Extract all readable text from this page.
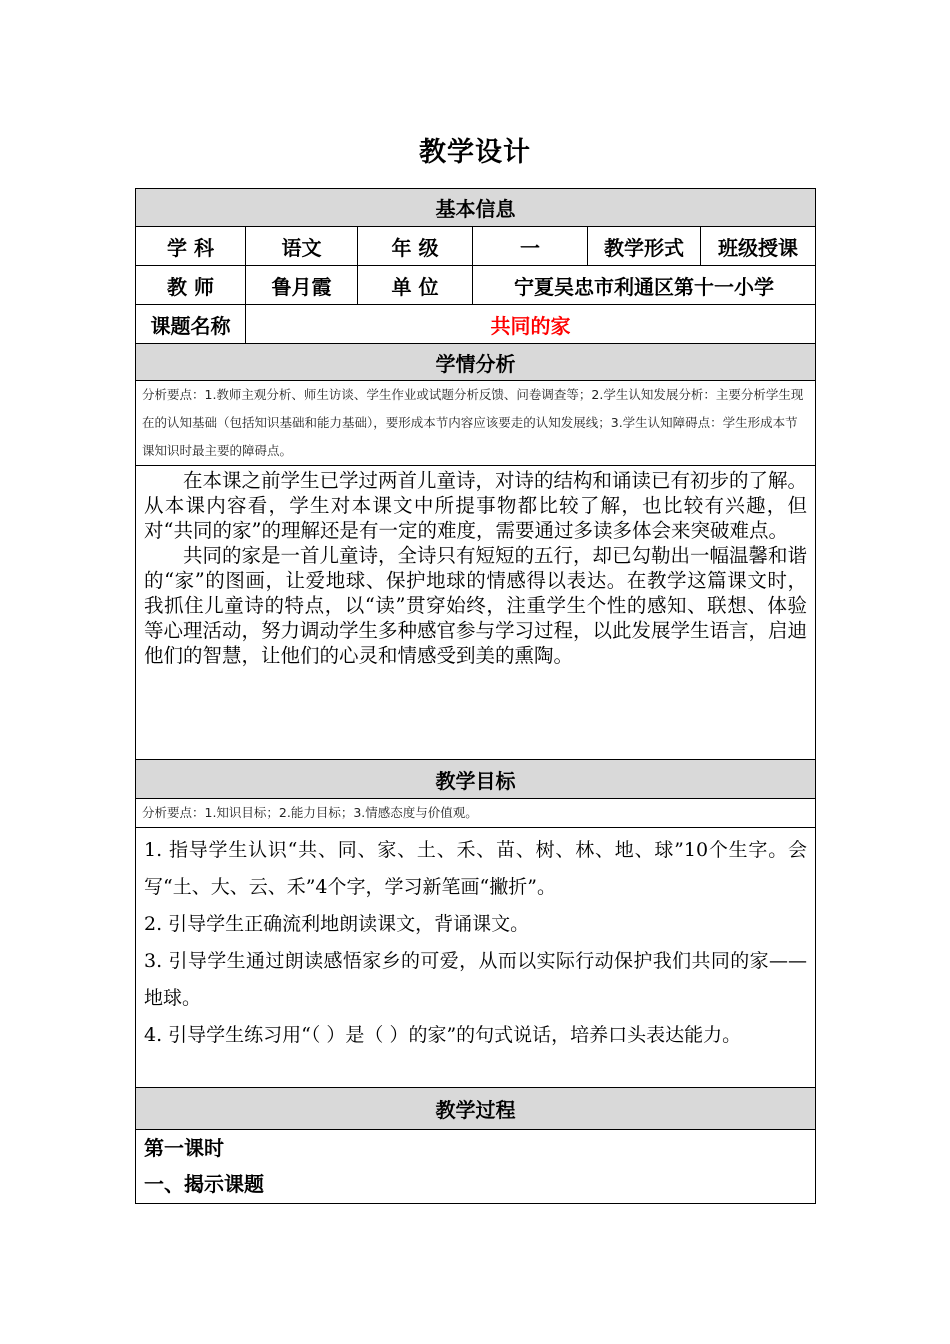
教学设计
基本信息					
学 科	语文	年 级	一	教学形式	班级授课
教 师	鲁月霞	单 位	宁夏吴忠市利通区第十一小学		
课题名称	共同的家				
学情分析					
分析要点：1.教师主观分析、师生访谈、学生作业或试题分析反馈、问卷调查等；2.学生认知发展分析：主要分析学生现在的认知基础（包括知识基础和能力基础），要形成本节内容应该要走的认知发展线；3.学生认知障碍点：学生形成本节课知识时最主要的障碍点。					

在本课之前学生已学过两首儿童诗，对诗的结构和诵读已有初步的了解。从本课内容看，学生对本课文中所提事物都比较了解，也比较有兴趣，但对“共同的家”的理解还是有一定的难度，需要通过多读多体会来突破难点。

共同的家是一首儿童诗，全诗只有短短的五行，却已勾勒出一幅温馨和谐的“家”的图画，让爱地球、保护地球的情感得以表达。在教学这篇课文时，我抓住儿童诗的特点，以“读”贯穿始终，注重学生个性的感知、联想、体验等心理活动，努力调动学生多种感官参与学习过程，以此发展学生语言，启迪他们的智慧，让他们的心灵和情感受到美的熏陶。					

教学目标					
分析要点：1.知识目标；2.能力目标；3.情感态度与价值观。					

1. 指导学生认识“共、同、家、土、禾、苗、树、林、地、球”10个生字。会写“土、大、云、禾”4个字，学习新笔画“撇折”。

2. 引导学生正确流利地朗读课文，背诵课文。

3. 引导学生通过朗读感悟家乡的可爱，从而以实际行动保护我们共同的家—— 地球。

4. 引导学生练习用“（ ）是（ ）的家”的句式说话，培养口头表达能力。					

教学过程					

第一课时
一、揭示课题					
